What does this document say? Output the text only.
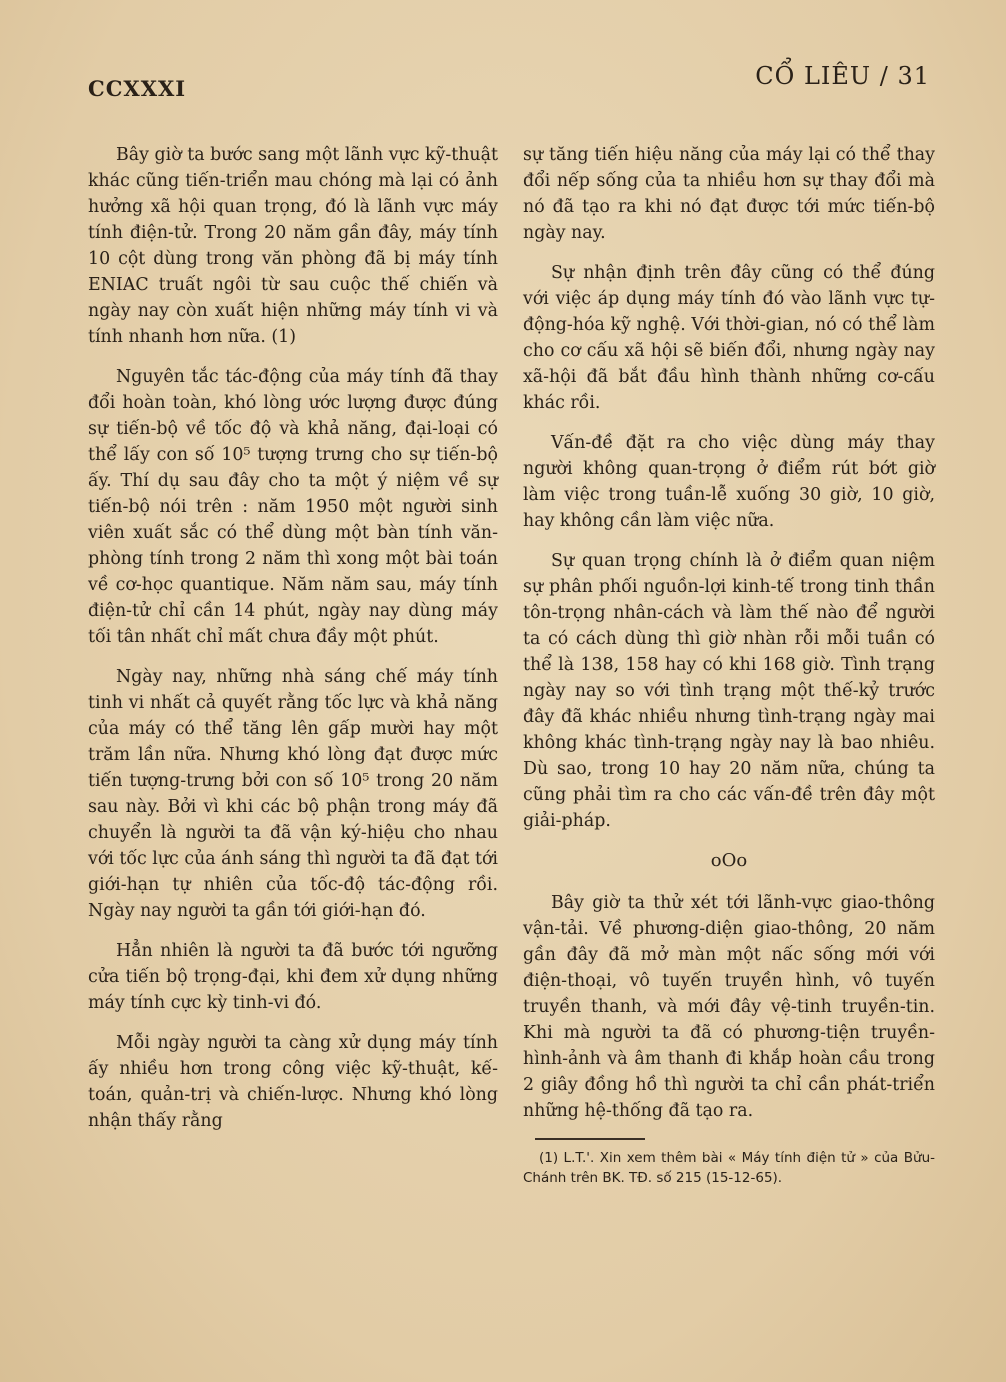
CCXXXI	CỔ LIÊU / 31

Bây giờ ta bước sang một lãnh vực kỹ-thuật khác cũng tiến-triển mau chóng mà lại có ảnh hưởng xã hội quan trọng, đó là lãnh vực máy tính điện-tử. Trong 20 năm gần đây, máy tính 10 cột dùng trong văn phòng đã bị máy tính ENIAC truất ngôi từ sau cuộc thế chiến và ngày nay còn xuất hiện những máy tính vi và tính nhanh hơn nữa. (1)

Nguyên tắc tác-động của máy tính đã thay đổi hoàn toàn, khó lòng ước lượng được đúng sự tiến-bộ về tốc độ và khả năng, đại-loại có thể lấy con số 10⁵ tượng trưng cho sự tiến-bộ ấy. Thí dụ sau đây cho ta một ý niệm về sự tiến-bộ nói trên : năm 1950 một người sinh viên xuất sắc có thể dùng một bàn tính văn-phòng tính trong 2 năm thì xong một bài toán về cơ-học quantique. Năm năm sau, máy tính điện-tử chỉ cần 14 phút, ngày nay dùng máy tối tân nhất chỉ mất chưa đầy một phút.

Ngày nay, những nhà sáng chế máy tính tinh vi nhất cả quyết rằng tốc lực và khả năng của máy có thể tăng lên gấp mười hay một trăm lần nữa. Nhưng khó lòng đạt được mức tiến tượng-trưng bởi con số 10⁵ trong 20 năm sau này. Bởi vì khi các bộ phận trong máy đã chuyển là người ta đã vận ký-hiệu cho nhau với tốc lực của ánh sáng thì người ta đã đạt tới giới-hạn tự nhiên của tốc-độ tác-động rồi. Ngày nay người ta gần tới giới-hạn đó.

Hẳn nhiên là người ta đã bước tới ngưỡng cửa tiến bộ trọng-đại, khi đem xử dụng những máy tính cực kỳ tinh-vi đó.

Mỗi ngày người ta càng xử dụng máy tính ấy nhiều hơn trong công việc kỹ-thuật, kế-toán, quản-trị và chiến-lược. Nhưng khó lòng nhận thấy rằng

sự tăng tiến hiệu năng của máy lại có thể thay đổi nếp sống của ta nhiều hơn sự thay đổi mà nó đã tạo ra khi nó đạt được tới mức tiến-bộ ngày nay.

Sự nhận định trên đây cũng có thể đúng với việc áp dụng máy tính đó vào lãnh vực tự-động-hóa kỹ nghệ. Với thời-gian, nó có thể làm cho cơ cấu xã hội sẽ biến đổi, nhưng ngày nay xã-hội đã bắt đầu hình thành những cơ-cấu khác rồi.

Vấn-đề đặt ra cho việc dùng máy thay người không quan-trọng ở điểm rút bớt giờ làm việc trong tuần-lễ xuống 30 giờ, 10 giờ, hay không cần làm việc nữa.

Sự quan trọng chính là ở điểm quan niệm sự phân phối nguồn-lợi kinh-tế trong tinh thần tôn-trọng nhân-cách và làm thế nào để người ta có cách dùng thì giờ nhàn rỗi mỗi tuần có thể là 138, 158 hay có khi 168 giờ. Tình trạng ngày nay so với tình trạng một thế-kỷ trước đây đã khác nhiều nhưng tình-trạng ngày mai không khác tình-trạng ngày nay là bao nhiêu. Dù sao, trong 10 hay 20 năm nữa, chúng ta cũng phải tìm ra cho các vấn-đề trên đây một giải-pháp.

oOo

Bây giờ ta thử xét tới lãnh-vực giao-thông vận-tải. Về phương-diện giao-thông, 20 năm gần đây đã mở màn một nấc sống mới với điện-thoại, vô tuyến truyền hình, vô tuyến truyền thanh, và mới đây vệ-tinh truyền-tin. Khi mà người ta đã có phương-tiện truyền-hình-ảnh và âm thanh đi khắp hoàn cầu trong 2 giây đồng hồ thì người ta chỉ cần phát-triển những hệ-thống đã tạo ra.

(1) L.T.'. Xin xem thêm bài « Máy tính điện tử » của Bửu-Chánh trên BK. TĐ. số 215 (15-12-65).
